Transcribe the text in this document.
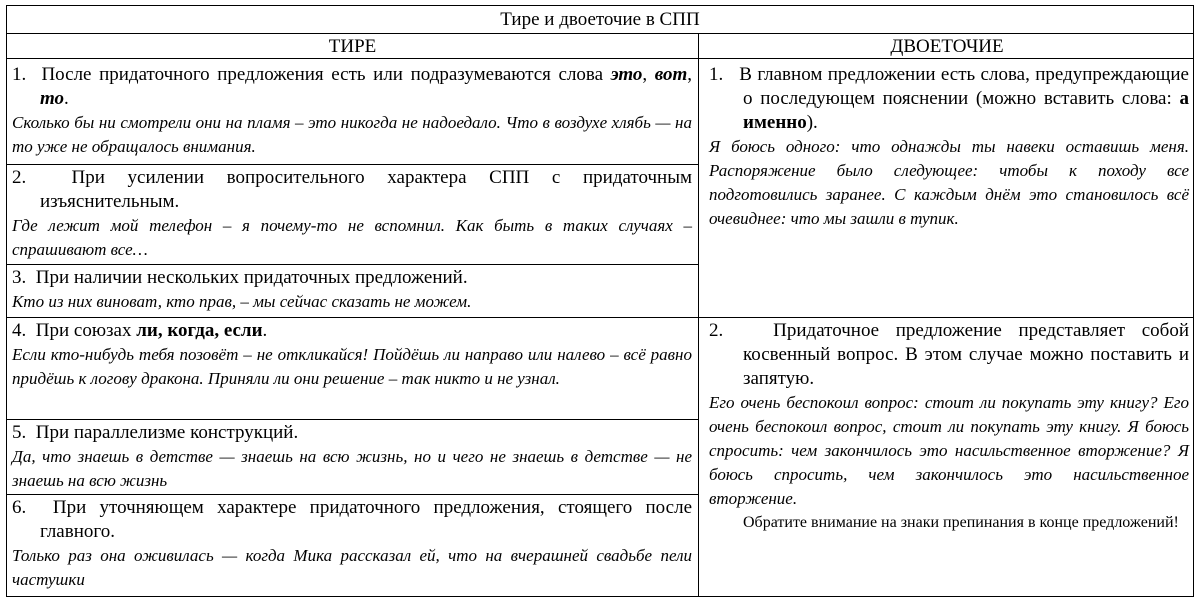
Тире и двоеточие в СПП
ТИРЕ	ДВОЕТОЧИЕ
1. После придаточного предложения есть или подразумеваются слова это, вот, то.
Сколько бы ни смотрели они на пламя – это никогда не надоедало. Что в воздухе хлябь — на то уже не обращалось внимания.
2. При усилении вопросительного характера СПП с придаточным изъяснительным.
Где лежит мой телефон – я почему-то не вспомнил. Как быть в таких случаях – спрашивают все…
3. При наличии нескольких придаточных предложений.
Кто из них виноват, кто прав, – мы сейчас сказать не можем.
4. При союзах ли, когда, если.
Если кто-нибудь тебя позовёт – не откликайся! Пойдёшь ли направо или налево – всё равно придёшь к логову дракона. Приняли ли они решение – так никто и не узнал.
5. При параллелизме конструкций.
Да, что знаешь в детстве — знаешь на всю жизнь, но и чего не знаешь в детстве — не знаешь на всю жизнь
6. При уточняющем характере придаточного предложения, стоящего после главного.
Только раз она оживилась — когда Мика рассказал ей, что на вчерашней свадьбе пели частушки
1. В главном предложении есть слова, предупреждающие о последующем пояснении (можно вставить слова: а именно).
Я боюсь одного: что однажды ты навеки оставишь меня. Распоряжение было следующее: чтобы к походу все подготовились заранее. С каждым днём это становилось всё очевиднее: что мы зашли в тупик.
2.	Придаточное предложение представляет собой косвенный вопрос. В этом случае можно поставить и запятую.
Его очень беспокоил вопрос: стоит ли покупать эту книгу? Его очень беспокоил вопрос, стоит ли покупать эту книгу. Я боюсь спросить: чем закончилось это насильственное вторжение? Я боюсь спросить, чем закончилось это насильственное вторжение.
Обратите внимание на знаки препинания в конце предложений!
